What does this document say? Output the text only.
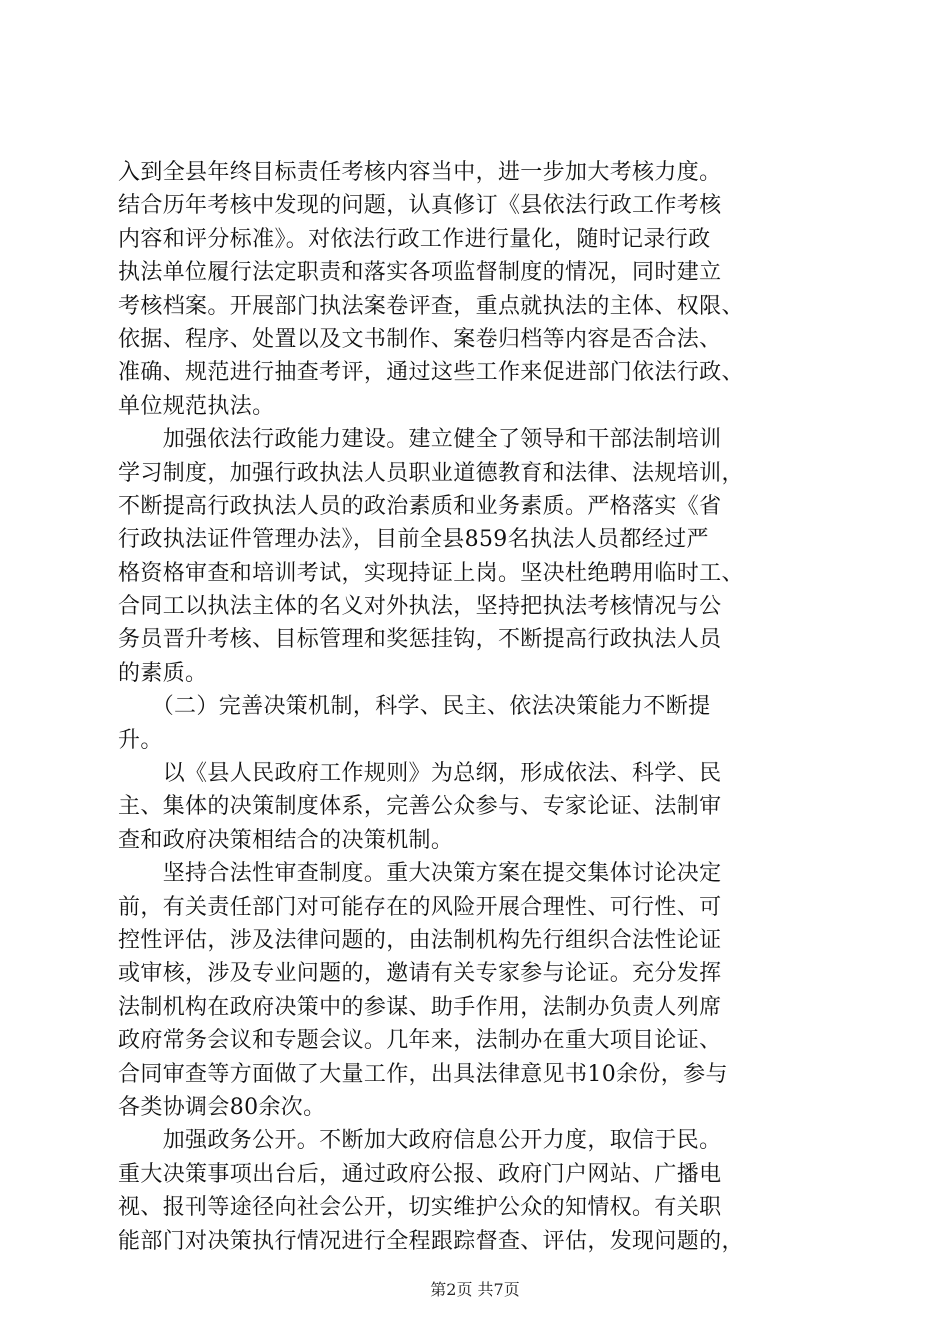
入到全县年终目标责任考核内容当中，进一步加大考核力度。
结合历年考核中发现的问题，认真修订《县依法行政工作考核
内容和评分标准》。对依法行政工作进行量化，随时记录行政
执法单位履行法定职责和落实各项监督制度的情况，同时建立
考核档案。开展部门执法案卷评查，重点就执法的主体、权限、
依据、程序、处置以及文书制作、案卷归档等内容是否合法、
准确、规范进行抽查考评，通过这些工作来促进部门依法行政、
单位规范执法。
　　加强依法行政能力建设。建立健全了领导和干部法制培训
学习制度，加强行政执法人员职业道德教育和法律、法规培训，
不断提高行政执法人员的政治素质和业务素质。严格落实《省
行政执法证件管理办法》，目前全县859名执法人员都经过严
格资格审查和培训考试，实现持证上岗。坚决杜绝聘用临时工、
合同工以执法主体的名义对外执法，坚持把执法考核情况与公
务员晋升考核、目标管理和奖惩挂钩，不断提高行政执法人员
的素质。
　　（二）完善决策机制，科学、民主、依法决策能力不断提
升。
　　以《县人民政府工作规则》为总纲，形成依法、科学、民
主、集体的决策制度体系，完善公众参与、专家论证、法制审
查和政府决策相结合的决策机制。
　　坚持合法性审查制度。重大决策方案在提交集体讨论决定
前，有关责任部门对可能存在的风险开展合理性、可行性、可
控性评估，涉及法律问题的，由法制机构先行组织合法性论证
或审核，涉及专业问题的，邀请有关专家参与论证。充分发挥
法制机构在政府决策中的参谋、助手作用，法制办负责人列席
政府常务会议和专题会议。几年来，法制办在重大项目论证、
合同审查等方面做了大量工作，出具法律意见书10余份，参与
各类协调会80余次。
　　加强政务公开。不断加大政府信息公开力度，取信于民。
重大决策事项出台后，通过政府公报、政府门户网站、广播电
视、报刊等途径向社会公开，切实维护公众的知情权。有关职
能部门对决策执行情况进行全程跟踪督查、评估，发现问题的，
第2页 共7页
